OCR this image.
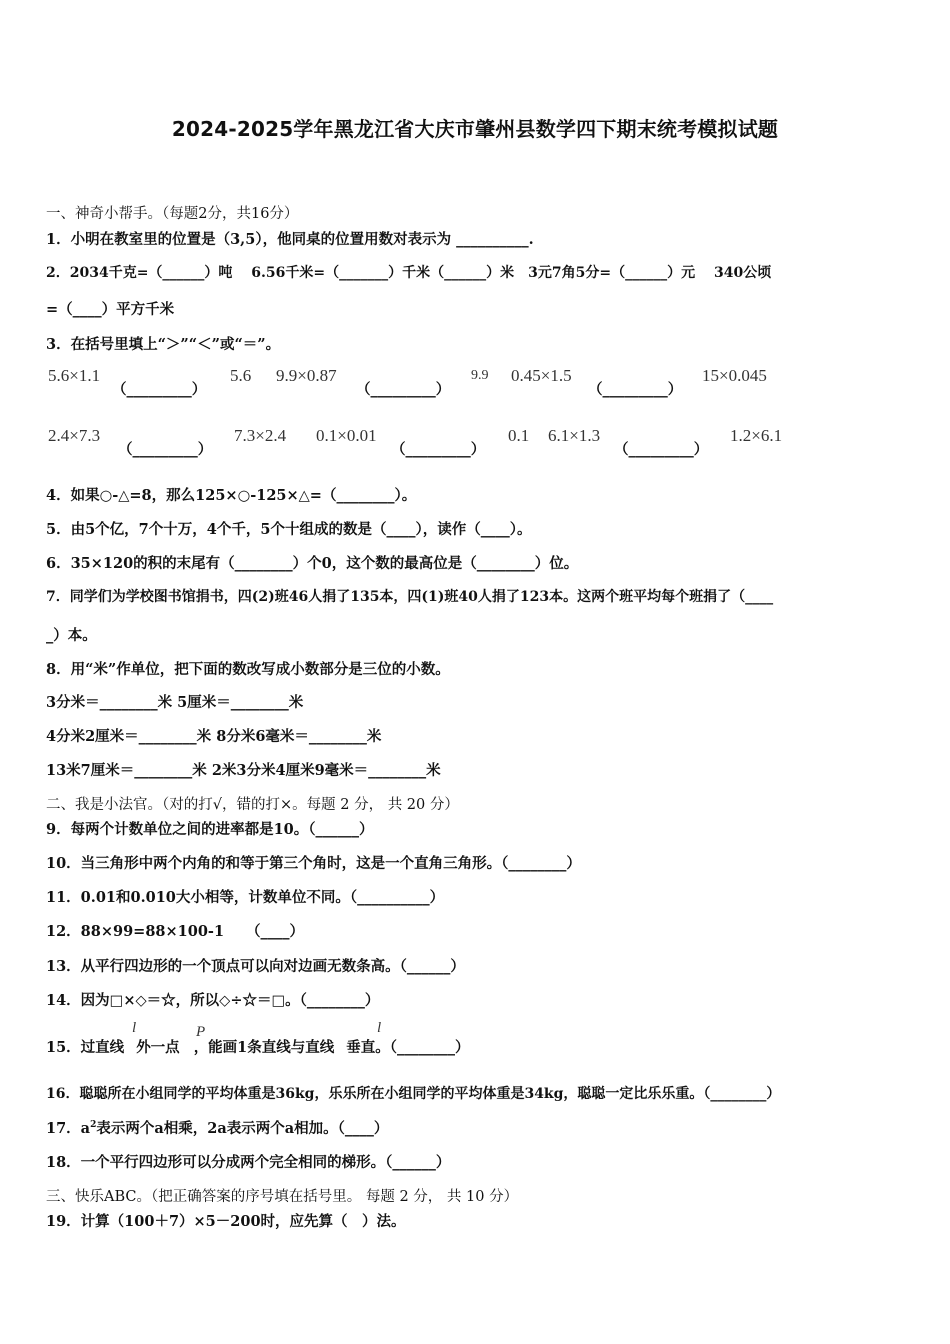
2024-2025学年黑龙江省大庆市肇州县数学四下期末统考模拟试题
一、神奇小帮手。（每题2分，共16分）
1．小明在教室里的位置是（3,5），他同桌的位置用数对表示为 __________.
2．2034千克=（______）吨　 6.56千米=（_______）千米（______）米　3元7角5分=（______）元　 340公顷
=（____）平方千米
3．在括号里填上“＞”“＜”或“＝”。
5.6×1.1
（_________）
5.6 9.9×0.87
（_________）
9.9 0.45×1.5
（_________）
15×0.045
2.4×7.3
（_________）
7.3×2.4 0.1×0.01
（_________）
0.1 6.1×1.3
（_________）
1.2×6.1
4．如果○-△=8，那么125×○-125×△=（________）。
5．由5个亿，7个十万，4个千，5个十组成的数是（____），读作（____）。
6．35×120的积的末尾有（________）个0，这个数的最高位是（________）位。
7．同学们为学校图书馆捐书，四(2)班46人捐了135本，四(1)班40人捐了123本。这两个班平均每个班捐了（____
_）本。
8．用“米”作单位，把下面的数改写成小数部分是三位的小数。
3分米＝________米 5厘米＝________米
4分米2厘米＝________米 8分米6毫米＝________米
13米7厘米＝________米 2米3分米4厘米9毫米＝________米
二、我是小法官。（对的打√，错的打×。每题 2 分， 共 20 分）
9．每两个计数单位之间的进率都是10。（______）
10．当三角形中两个内角的和等于第三个角时，这是一个直角三角形。（________）
11．0.01和0.010大小相等，计数单位不同。（__________）
12．88×99=88×100-1 （____）
13．从平行四边形的一个顶点可以向对边画无数条高。（______）
14．因为□×◇＝☆，所以◇÷☆＝□。（________）
15．过直线 外一点 ，能画1条直线与直线 垂直。（________）
l	P	l
16．聪聪所在小组同学的平均体重是36kg，乐乐所在小组同学的平均体重是34kg，聪聪一定比乐乐重。（________）
17．$a^2$表示两个a相乘，2a表示两个a相加。（____）
18．一个平行四边形可以分成两个完全相同的梯形。（______）
三、快乐ABC。（把正确答案的序号填在括号里。 每题 2 分， 共 10 分）
19．计算（100＋7）×5－200时，应先算（　）法。
